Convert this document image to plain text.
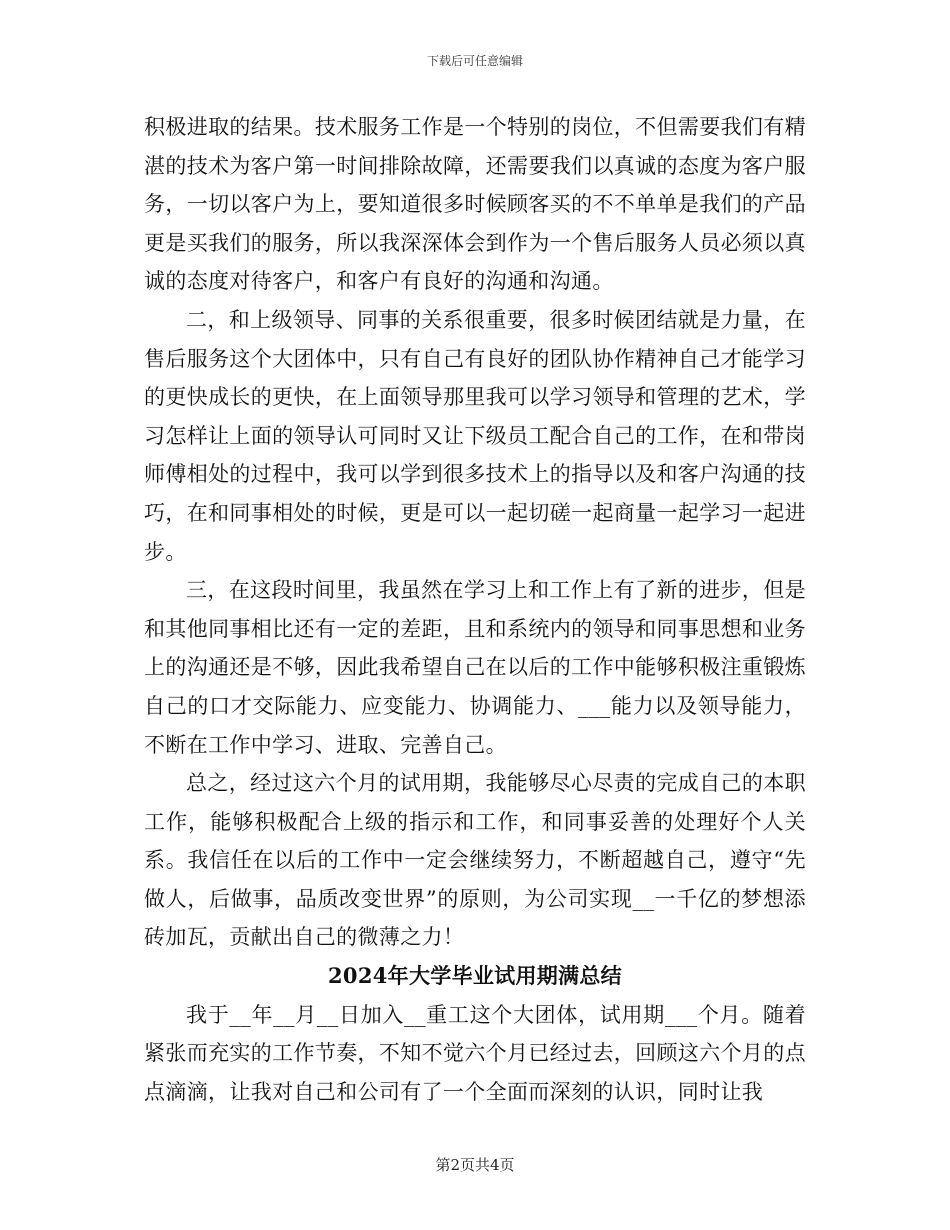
下载后可任意编辑

积极进取的结果。技术服务工作是一个特别的岗位，不但需要我们有精湛的技术为客户第一时间排除故障，还需要我们以真诚的态度为客户服务，一切以客户为上，要知道很多时候顾客买的不不单单是我们的产品更是买我们的服务，所以我深深体会到作为一个售后服务人员必须以真诚的态度对待客户，和客户有良好的沟通和沟通。

二，和上级领导、同事的关系很重要，很多时候团结就是力量，在售后服务这个大团体中，只有自己有良好的团队协作精神自己才能学习的更快成长的更快，在上面领导那里我可以学习领导和管理的艺术，学习怎样让上面的领导认可同时又让下级员工配合自己的工作，在和带岗师傅相处的过程中，我可以学到很多技术上的指导以及和客户沟通的技巧，在和同事相处的时候，更是可以一起切磋一起商量一起学习一起进步。

三，在这段时间里，我虽然在学习上和工作上有了新的进步，但是和其他同事相比还有一定的差距，且和系统内的领导和同事思想和业务上的沟通还是不够，因此我希望自己在以后的工作中能够积极注重锻炼自己的口才交际能力、应变能力、协调能力、___能力以及领导能力，不断在工作中学习、进取、完善自己。

总之，经过这六个月的试用期，我能够尽心尽责的完成自己的本职工作，能够积极配合上级的指示和工作，和同事妥善的处理好个人关系。我信任在以后的工作中一定会继续努力，不断超越自己，遵守“先做人，后做事，品质改变世界”的原则，为公司实现__一千亿的梦想添砖加瓦，贡献出自己的微薄之力！

2024年大学毕业试用期满总结

我于__年__月__日加入__重工这个大团体，试用期___个月。随着紧张而充实的工作节奏，不知不觉六个月已经过去，回顾这六个月的点点滴滴，让我对自己和公司有了一个全面而深刻的认识，同时让我

第2页共4页
